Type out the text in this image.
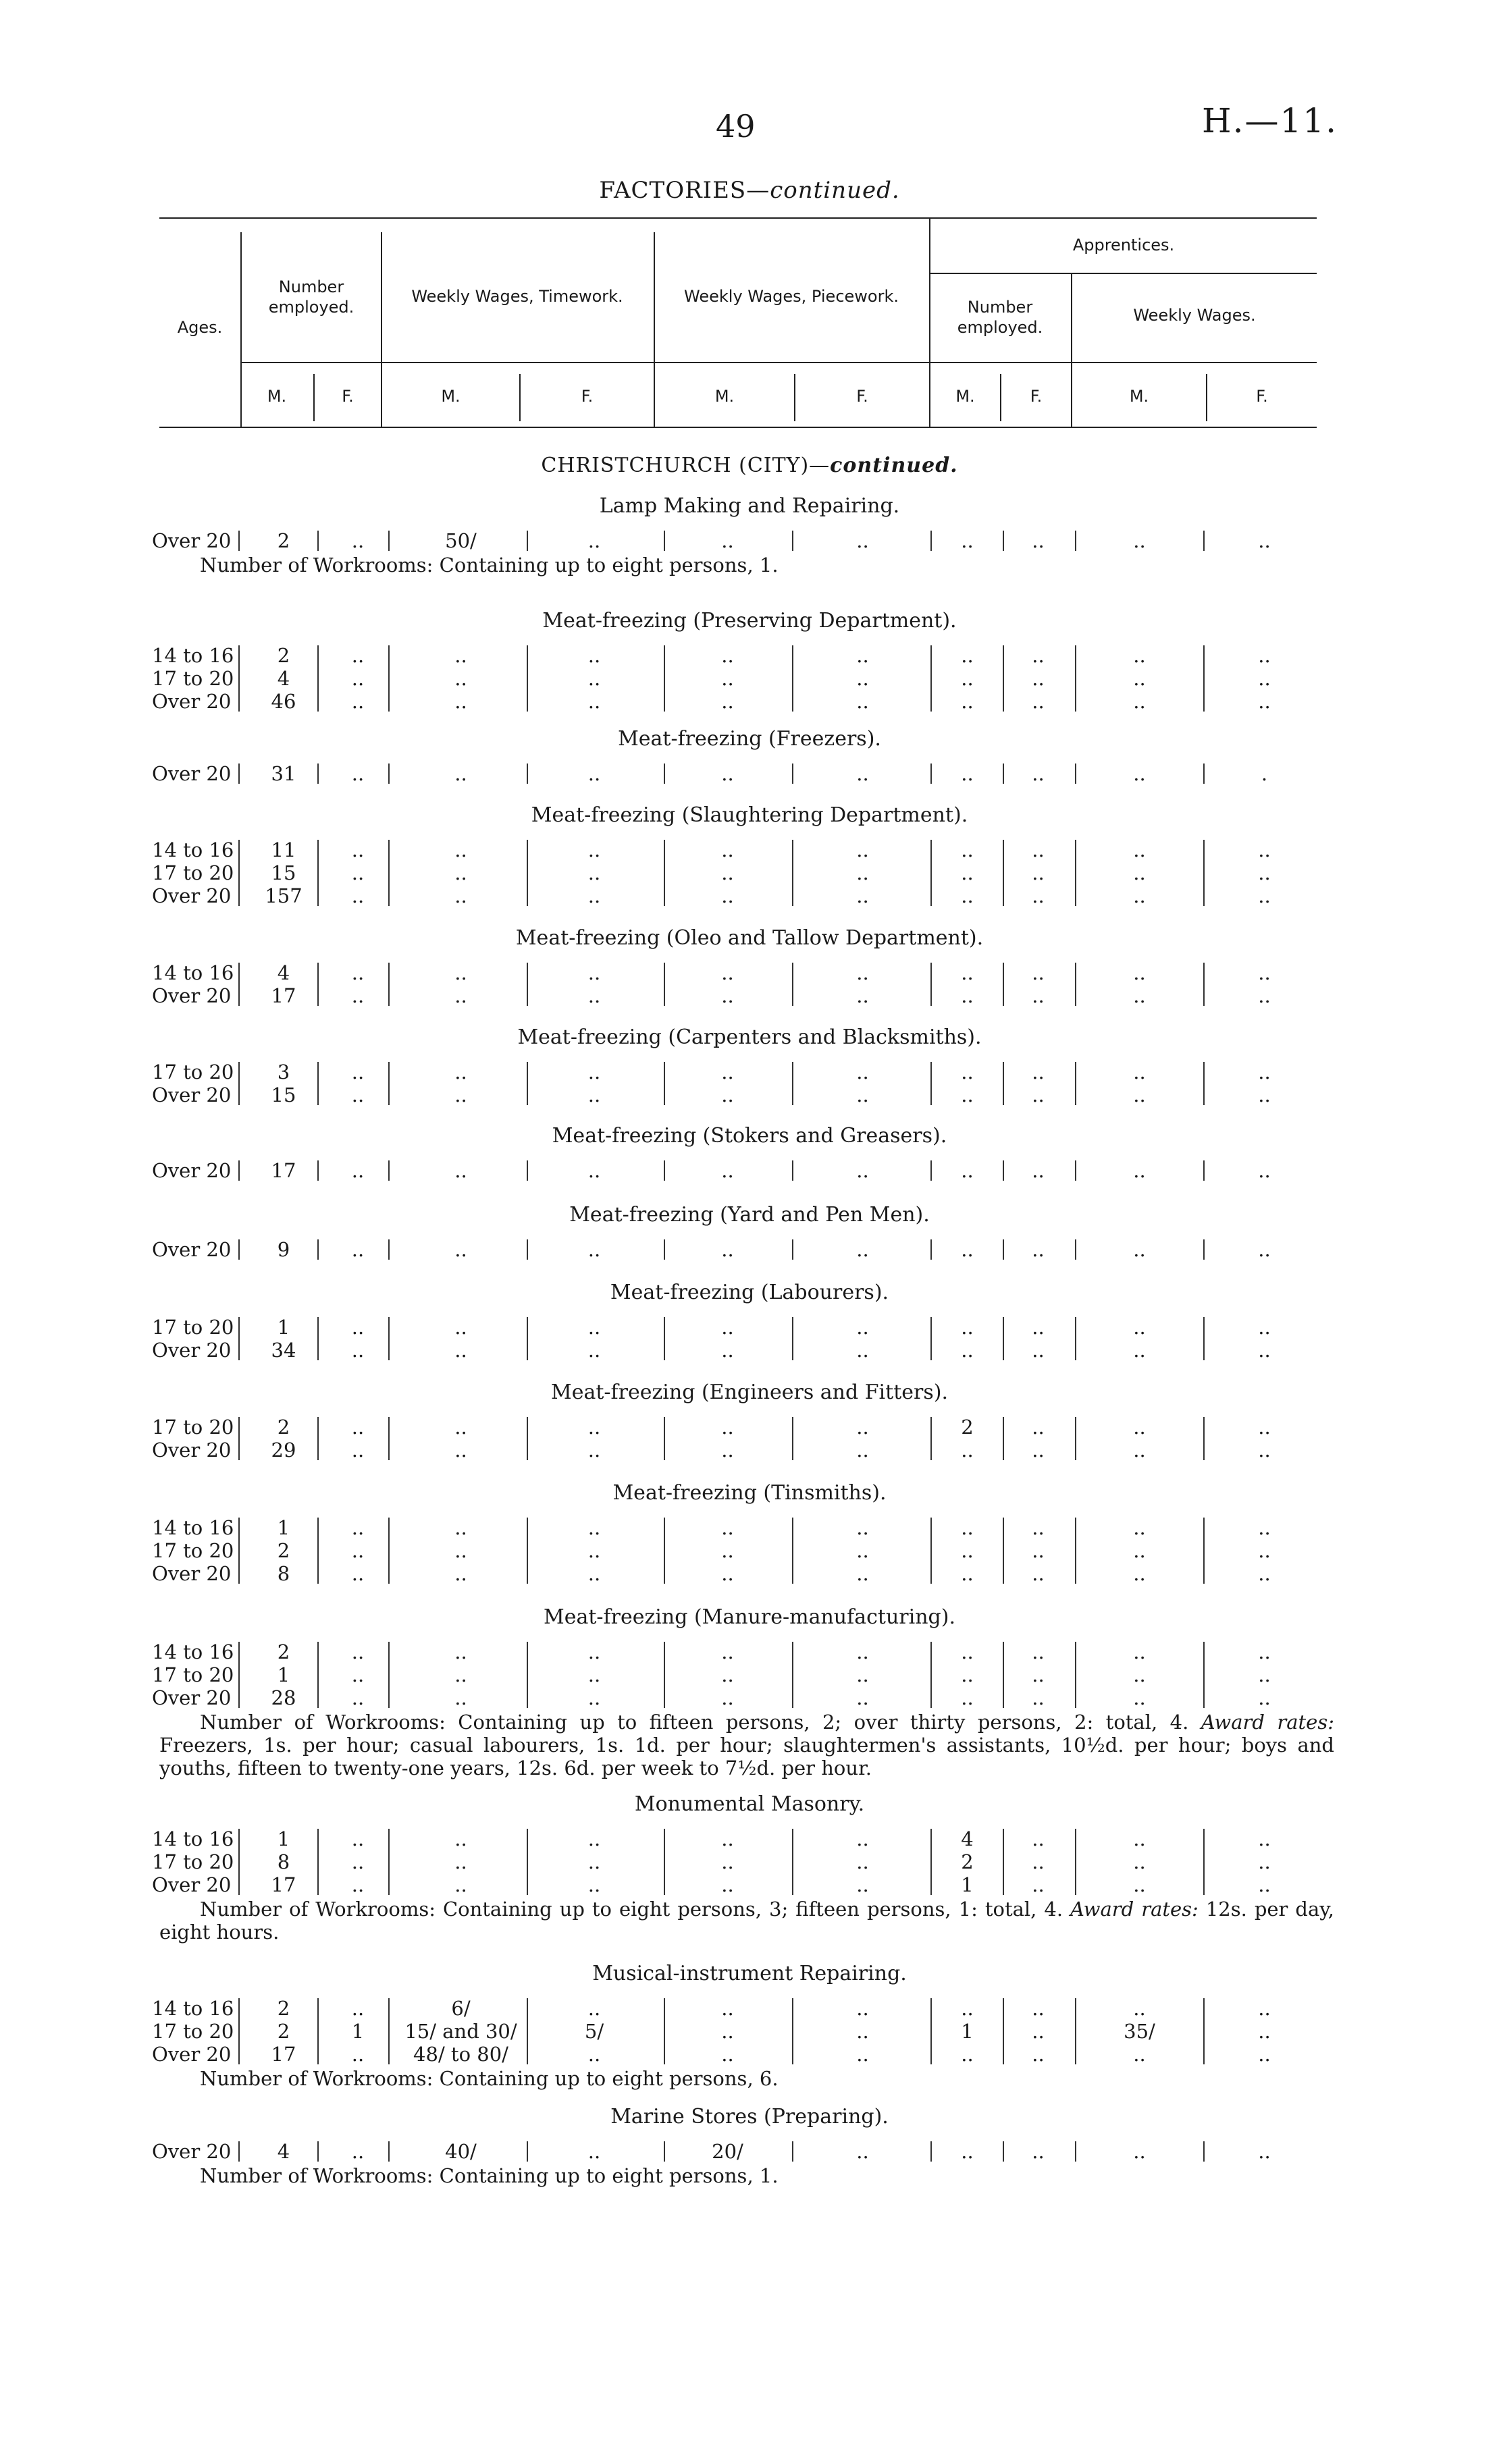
49	H.—11.
FACTORIES—continued.
Ages.
Number employed.
Weekly Wages, Timework.	Weekly Wages, Piecework.
Apprentices.
Number employed.
Weekly Wages.
M.	F.	M.	F.	M.	F.	M.	F.	M.	F.
CHRISTCHURCH (CITY)—continued.
Lamp Making and Repairing.
Over 20	2	..	50/	..	..	..	..	..	..	..
Number of Workrooms: Containing up to eight persons, 1.
Meat-freezing (Preserving Department).
14 to 16	2	..	..	..	..	..	..	..	..	..
17 to 20	4	..	..	..	..	..	..	..	..	..
Over 20	46	..	..	..	..	..	..	..	..	..
Meat-freezing (Freezers).
Over 20	31	..	..	..	..	..	..	..	..	.
Meat-freezing (Slaughtering Department).
14 to 16	11	..	..	..	..	..	..	..	..	..
17 to 20	15	..	..	..	..	..	..	..	..	..
Over 20	157	..	..	..	..	..	..	..	..	..
Meat-freezing (Oleo and Tallow Department).
14 to 16	4	..	..	..	..	..	..	..	..	..
Over 20	17	..	..	..	..	..	..	..	..	..
Meat-freezing (Carpenters and Blacksmiths).
17 to 20	3	..	..	..	..	..	..	..	..	..
Over 20	15	..	..	..	..	..	..	..	..	..
Meat-freezing (Stokers and Greasers).
Over 20	17	..	..	..	..	..	..	..	..	..
Meat-freezing (Yard and Pen Men).
Over 20	9	..	..	..	..	..	..	..	..	..
Meat-freezing (Labourers).
17 to 20	1	..	..	..	..	..	..	..	..	..
Over 20	34	..	..	..	..	..	..	..	..	..
Meat-freezing (Engineers and Fitters).
17 to 20	2	..	..	..	..	..	2	..	..	..
Over 20	29	..	..	..	..	..	..	..	..	..
Meat-freezing (Tinsmiths).
14 to 16	1	..	..	..	..	..	..	..	..	..
17 to 20	2	..	..	..	..	..	..	..	..	..
Over 20	8	..	..	..	..	..	..	..	..	..
Meat-freezing (Manure-manufacturing).
14 to 16	2	..	..	..	..	..	..	..	..	..
17 to 20	1	..	..	..	..	..	..	..	..	..
Over 20	28	..	..	..	..	..	..	..	..	..
Number of Workrooms: Containing up to fifteen persons, 2; over thirty persons, 2: total, 4. Award rates: Freezers, 1s. per hour; casual labourers, 1s. 1d. per hour; slaughtermen's assistants, 10½d. per hour; boys and youths, fifteen to twenty-one years, 12s. 6d. per week to 7½d. per hour.
Monumental Masonry.
14 to 16	1	..	..	..	..	..	4	..	..	..
17 to 20	8	..	..	..	..	..	2	..	..	..
Over 20	17	..	..	..	..	..	1	..	..	..
Number of Workrooms: Containing up to eight persons, 3; fifteen persons, 1: total, 4. Award rates: 12s. per day, eight hours.
Musical-instrument Repairing.
14 to 16	2	..	6/	..	..	..	..	..	..	..
17 to 20	2	1	15/ and 30/	5/	..	..	1	..	35/	..
Over 20	17	..	48/ to 80/	..	..	..	..	..	..	..
Number of Workrooms: Containing up to eight persons, 6.
Marine Stores (Preparing).
Over 20	4	..	40/	..	20/	..	..	..	..	..
Number of Workrooms: Containing up to eight persons, 1.
